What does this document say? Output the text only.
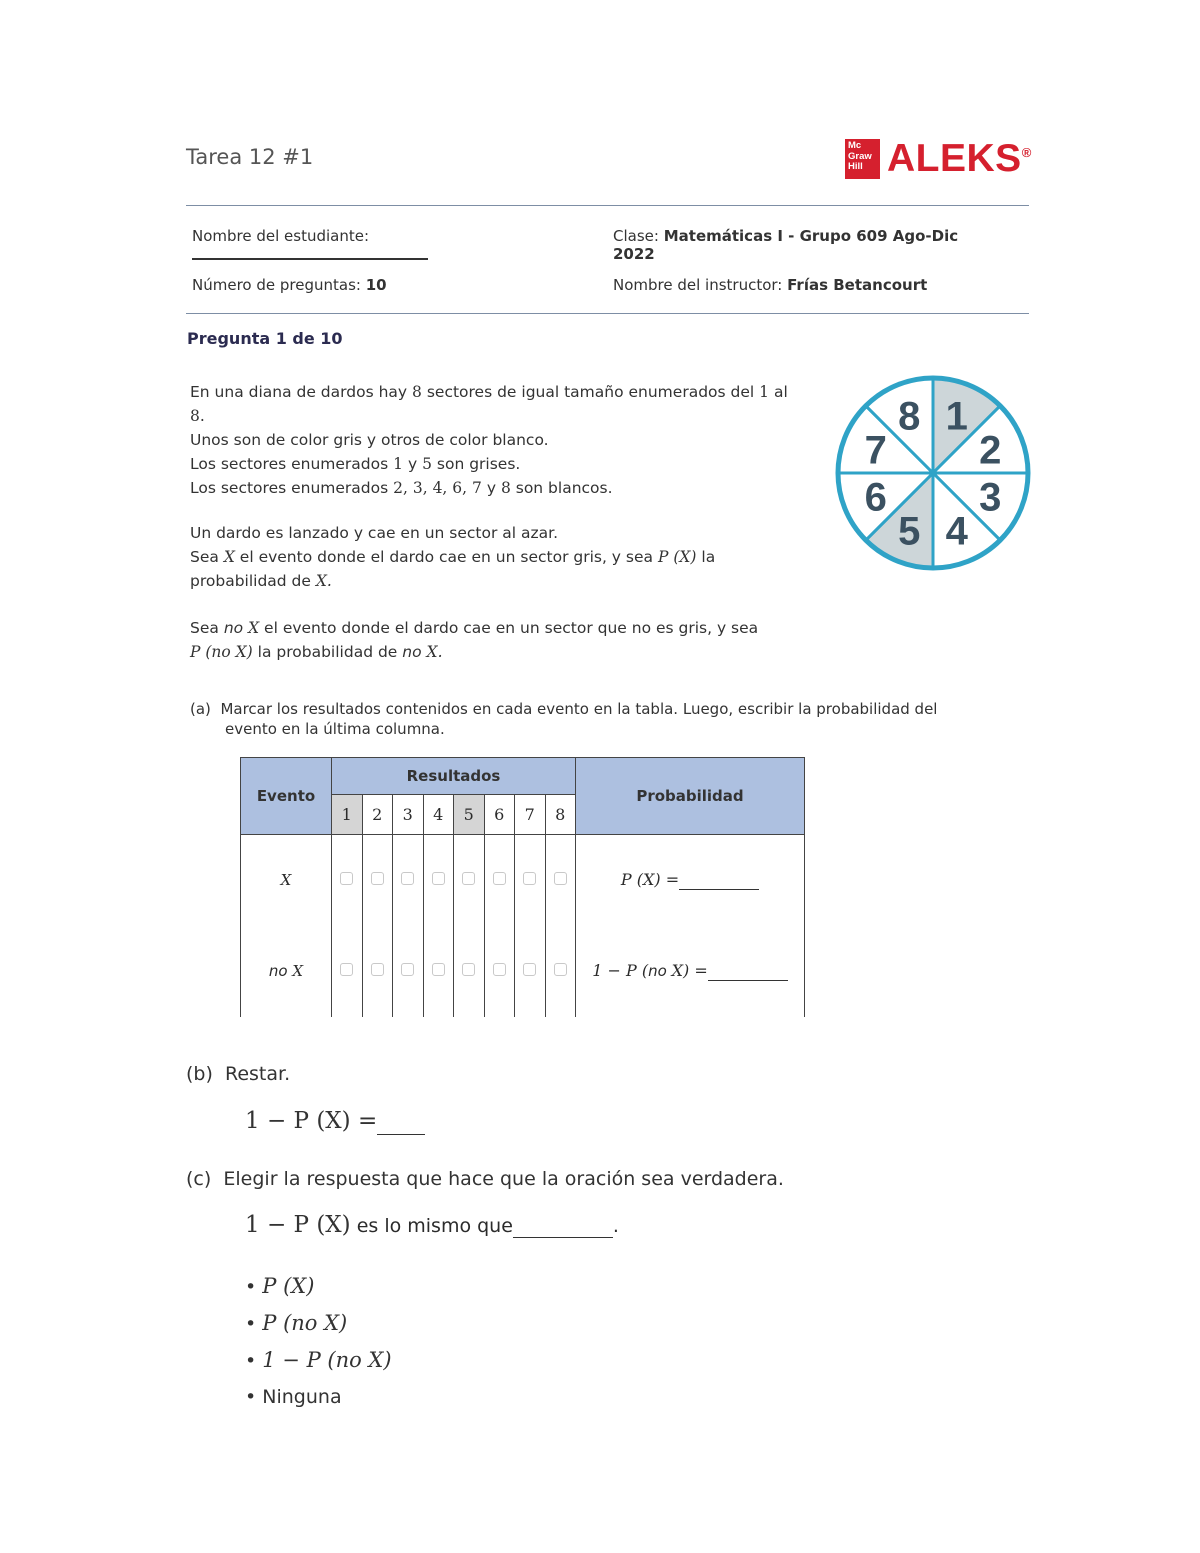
Tarea 12 #1	Mc
Graw
Hill ALEKS®
Nombre del estudiante:
Número de preguntas: 10
Clase: Matemáticas I - Grupo 609 Ago-Dic
2022
Nombre del instructor: Frías Betancourt
Pregunta 1 de 10
En una diana de dardos hay 8 sectores de igual tamaño enumerados del 1 al
8.
Unos son de color gris y otros de color blanco.
Los sectores enumerados 1 y 5 son grises.
Los sectores enumerados 2, 3, 4, 6, 7 y 8 son blancos.
Un dardo es lanzado y cae en un sector al azar.
Sea X el evento donde el dardo cae en un sector gris, y sea P (X) la
probabilidad de X.
Sea no X el evento donde el dardo cae en un sector que no es gris, y sea
P (no X) la probabilidad de no X.
1
2
3
4
5
6
7
8
(a) Marcar los resultados contenidos en cada evento en la tabla. Luego, escribir la probabilidad del
evento en la última columna.
Evento	Resultados								Probabilidad
	1	2	3	4	5	6	7	8	
X									P (X) =
no X									1 − P (no X) =
(b) Restar.
1 − P (X) =
(c) Elegir la respuesta que hace que la oración sea verdadera.
1 − P (X) es lo mismo que	.
• P (X)
• P (no X)
• 1 − P (no X)
• Ninguna
